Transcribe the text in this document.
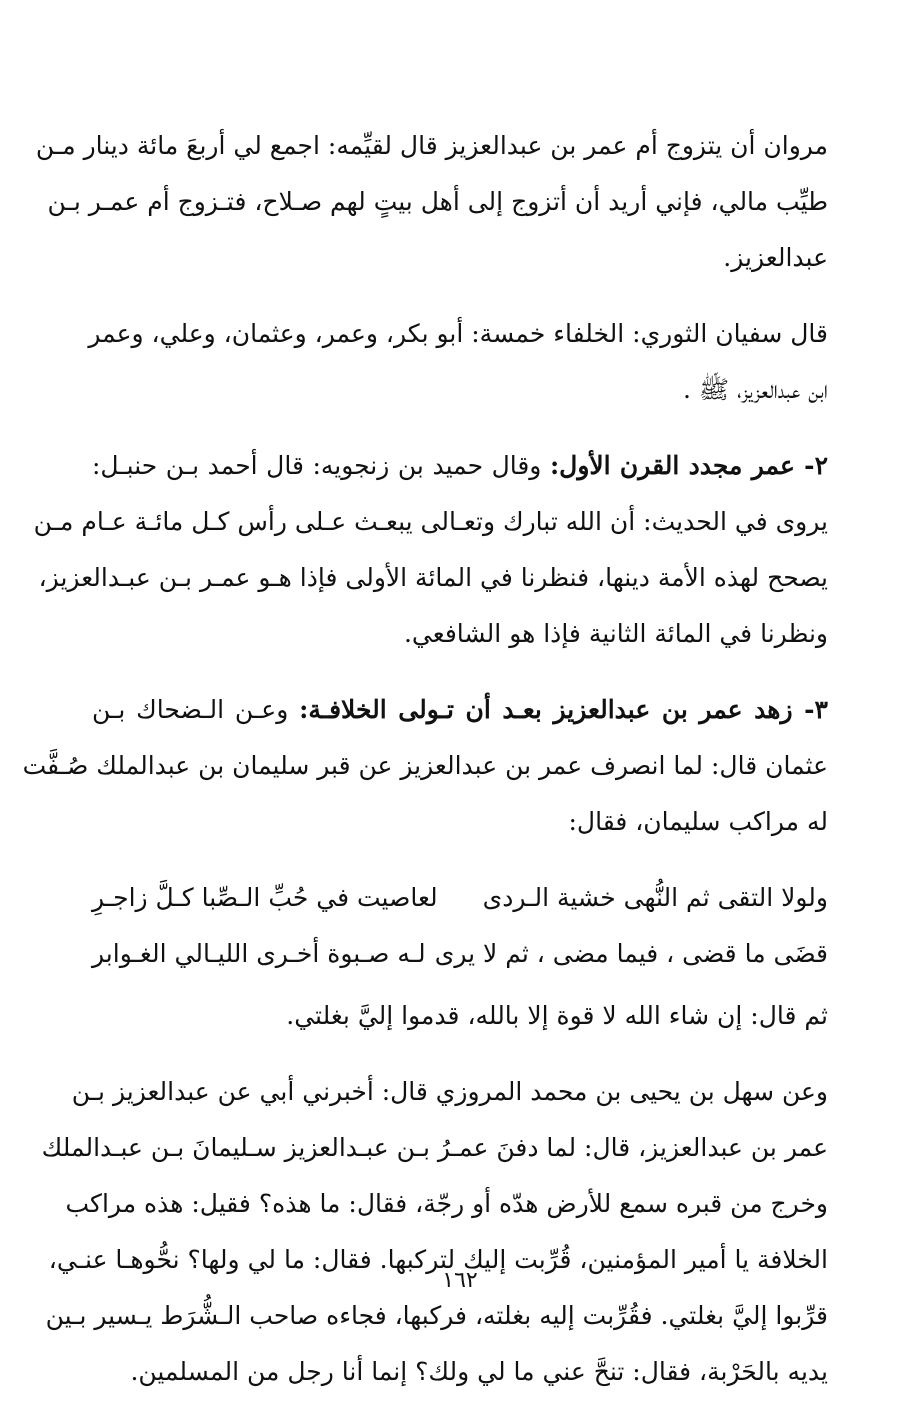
مروان أن يتزوج أم عمر بن عبدالعزيز قال لقيِّمه: اجمع لي أربعَ مائة دينار مـن
طيِّب مالي، فإني أريد أن أتزوج إلى أهل بيتٍ لهم صـلاح، فتـزوج أم عمـر بـن
عبدالعزيز.
قال سفيان الثوري: الخلفاء خمسة: أبو بكر، وعمر، وعثمان، وعلي، وعمر
ابن عبدالعزيز، ﷺ .
٢- عمر مجدد القرن الأول: وقال حميد بن زنجويه: قال أحمد بـن حنبـل:
يروى في الحديث: أن الله تبارك وتعـالى يبعـث عـلى رأس كـل مائـة عـام مـن
يصحح لهذه الأمة دينها، فنظرنا في المائة الأولى فإذا هـو عمـر بـن عبـدالعزيز،
ونظرنا في المائة الثانية فإذا هو الشافعي.
٣- زهد عمر بن عبدالعزيز بعـد أن تـولى الخلافـة: وعـن الـضحاك بـن
عثمان قال: لما انصرف عمر بن عبدالعزيز عن قبر سليمان بن عبدالملك صُـفَّت
له مراكب سليمان، فقال:
ولولا التقى ثم النُّهى خشية الـردى
لعاصيت في حُبِّ الـصِّبا كـلَّ زاجـرِ
قضَى ما قضى ، فيما مضى ، ثم لا يرى
لـه صـبوة أخـرى الليـالي الغـوابر
ثم قال: إن شاء الله لا قوة إلا بالله، قدموا إليَّ بغلتي.
وعن سهل بن يحيى بن محمد المروزي قال: أخبرني أبي عن عبدالعزيز بـن
عمر بن عبدالعزيز، قال: لما دفنَ عمـرُ بـن عبـدالعزيز سـليمانَ بـن عبـدالملك
وخرج من قبره سمع للأرض هدّه أو رجّة، فقال: ما هذه؟ فقيل: هذه مراكب
الخلافة يا أمير المؤمنين، قُرِّبت إليك لتركبها. فقال: ما لي ولها؟ نحُّوهـا عنـي،
قرِّبوا إليَّ بغلتي. فقُرِّبت إليه بغلته، فركبها، فجاءه صاحب الـشُّرَط يـسير بـين
يديه بالحَرْبة، فقال: تنحَّ عني ما لي ولك؟ إنما أنا رجل من المسلمين.
١٦٢
